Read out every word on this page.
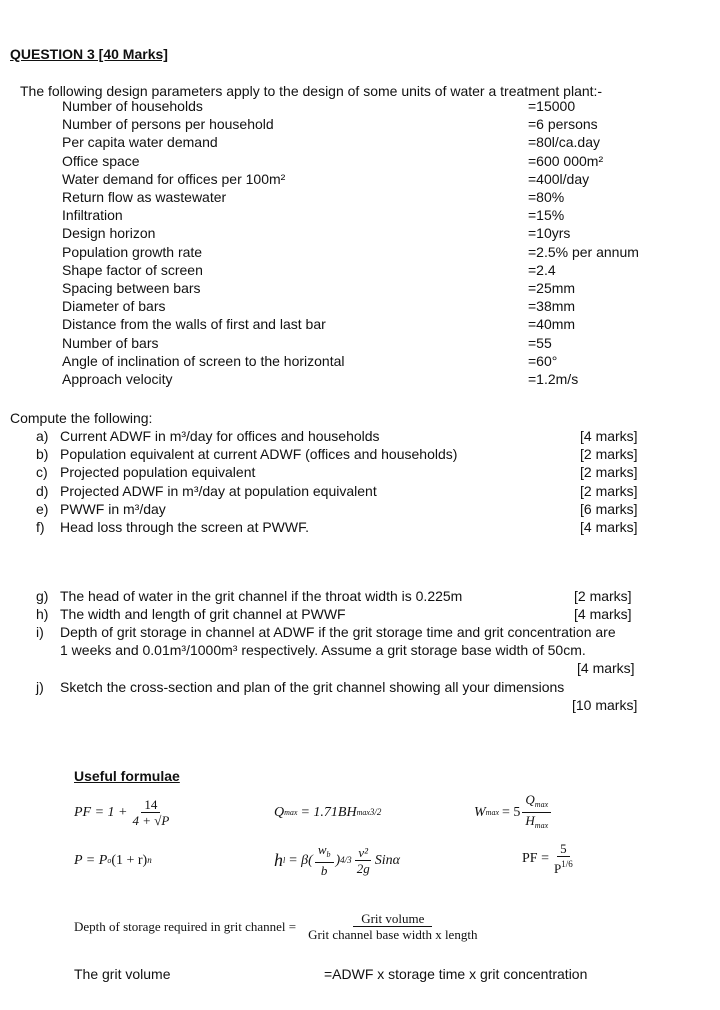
QUESTION 3 [40 Marks]
The following design parameters apply to the design of some units of water a treatment plant:-
Number of households	=15000
Number of persons per household	=6 persons
Per capita water demand	=80l/ca.day
Office space	=600 000m²
Water demand for offices per 100m²	=400l/day
Return flow as wastewater	=80%
Infiltration	=15%
Design horizon	=10yrs
Population growth rate	=2.5% per annum
Shape factor of screen	=2.4
Spacing between bars	=25mm
Diameter of bars	=38mm
Distance from the walls of first and last bar	=40mm
Number of bars	=55
Angle of inclination of screen to the horizontal	=60°
Approach velocity	=1.2m/s
Compute the following:
a) Current ADWF in m³/day for offices and households	[4 marks]
b) Population equivalent at current ADWF (offices and households)	[2 marks]
c) Projected population equivalent	[2 marks]
d) Projected ADWF in m³/day at population equivalent	[2 marks]
e) PWWF in m³/day	[6 marks]
f) Head loss through the screen at PWWF.	[4 marks]
g) The head of water in the grit channel if the throat width is 0.225m	[2 marks]
h) The width and length of grit channel at PWWF	[4 marks]
i) Depth of grit storage in channel at ADWF if the grit storage time and grit concentration are
1 weeks and 0.01m³/1000m³ respectively. Assume a grit storage base width of 50cm.
[4 marks]
j) Sketch the cross-section and plan of the grit channel showing all your dimensions
[10 marks]
Useful formulae
PF = $1 + \frac{14}{4 + √P}$	Q max = 1.71BH max 3/2	W $\max = 5 \frac{Q_{max}}{H_{max}}$
P = P o (1 + r) n	h $l = \beta( \frac{w_b}{b}$ ) $4/3 \frac{\text{v²}}{2g}$ Sinα	PF = $\frac{5}{P^{1/6}}$
Depth of storage required in grit channel = $\frac{\text{Grit volume}}{\text{Grit channel base width x length}}$
The grit volume	=ADWF x storage time x grit concentration
